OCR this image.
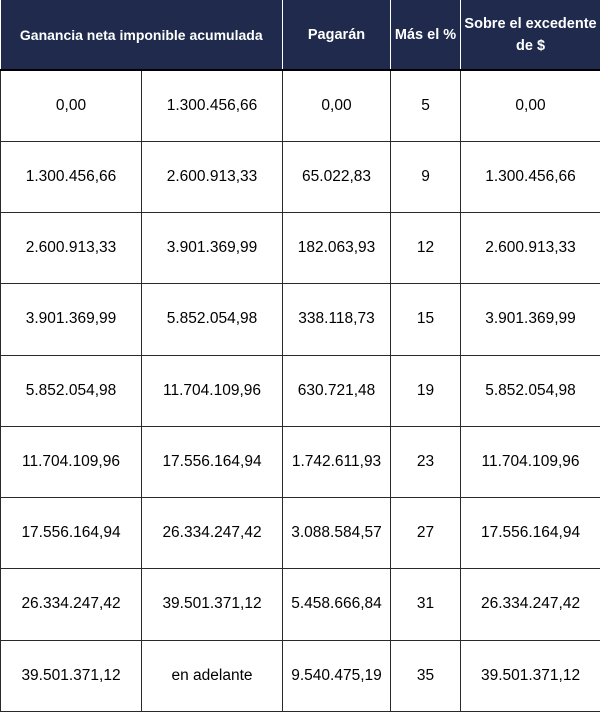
Ganancia neta imponible acumulada		Pagarán	Más el %	Sobre el excedente de $
0,00	1.300.456,66	0,00	5	0,00
1.300.456,66	2.600.913,33	65.022,83	9	1.300.456,66
2.600.913,33	3.901.369,99	182.063,93	12	2.600.913,33
3.901.369,99	5.852.054,98	338.118,73	15	3.901.369,99
5.852.054,98	11.704.109,96	630.721,48	19	5.852.054,98
11.704.109,96	17.556.164,94	1.742.611,93	23	11.704.109,96
17.556.164,94	26.334.247,42	3.088.584,57	27	17.556.164,94
26.334.247,42	39.501.371,12	5.458.666,84	31	26.334.247,42
39.501.371,12	en adelante	9.540.475,19	35	39.501.371,12
